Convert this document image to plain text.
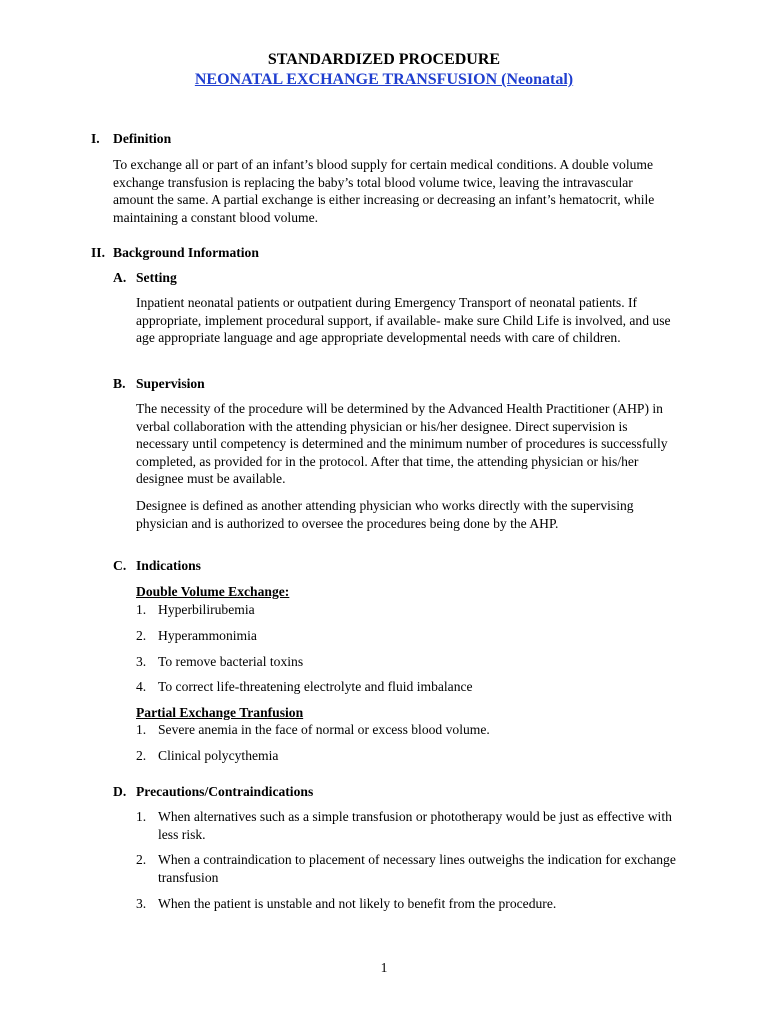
STANDARDIZED PROCEDURE
NEONATAL EXCHANGE TRANSFUSION (Neonatal)
I. Definition
To exchange all or part of an infant’s blood supply for certain medical conditions. A double volume exchange transfusion is replacing the baby’s total blood volume twice, leaving the intravascular amount the same. A partial exchange is either increasing or decreasing an infant’s hematocrit, while maintaining a constant blood volume.
II. Background Information
A. Setting
Inpatient neonatal patients or outpatient during Emergency Transport of neonatal patients. If appropriate, implement procedural support, if available- make sure Child Life is involved, and use age appropriate language and age appropriate developmental needs with care of children.
B. Supervision
The necessity of the procedure will be determined by the Advanced Health Practitioner (AHP) in verbal collaboration with the attending physician or his/her designee. Direct supervision is necessary until competency is determined and the minimum number of procedures is successfully completed, as provided for in the protocol. After that time, the attending physician or his/her designee must be available.
Designee is defined as another attending physician who works directly with the supervising physician and is authorized to oversee the procedures being done by the AHP.
C. Indications
Double Volume Exchange:
1. Hyperbilirubemia
2. Hyperammonimia
3. To remove bacterial toxins
4. To correct life-threatening electrolyte and fluid imbalance
Partial Exchange Tranfusion
1. Severe anemia in the face of normal or excess blood volume.
2. Clinical polycythemia
D. Precautions/Contraindications
1. When alternatives such as a simple transfusion or phototherapy would be just as effective with less risk.
2. When a contraindication to placement of necessary lines outweighs the indication for exchange transfusion
3. When the patient is unstable and not likely to benefit from the procedure.
1
